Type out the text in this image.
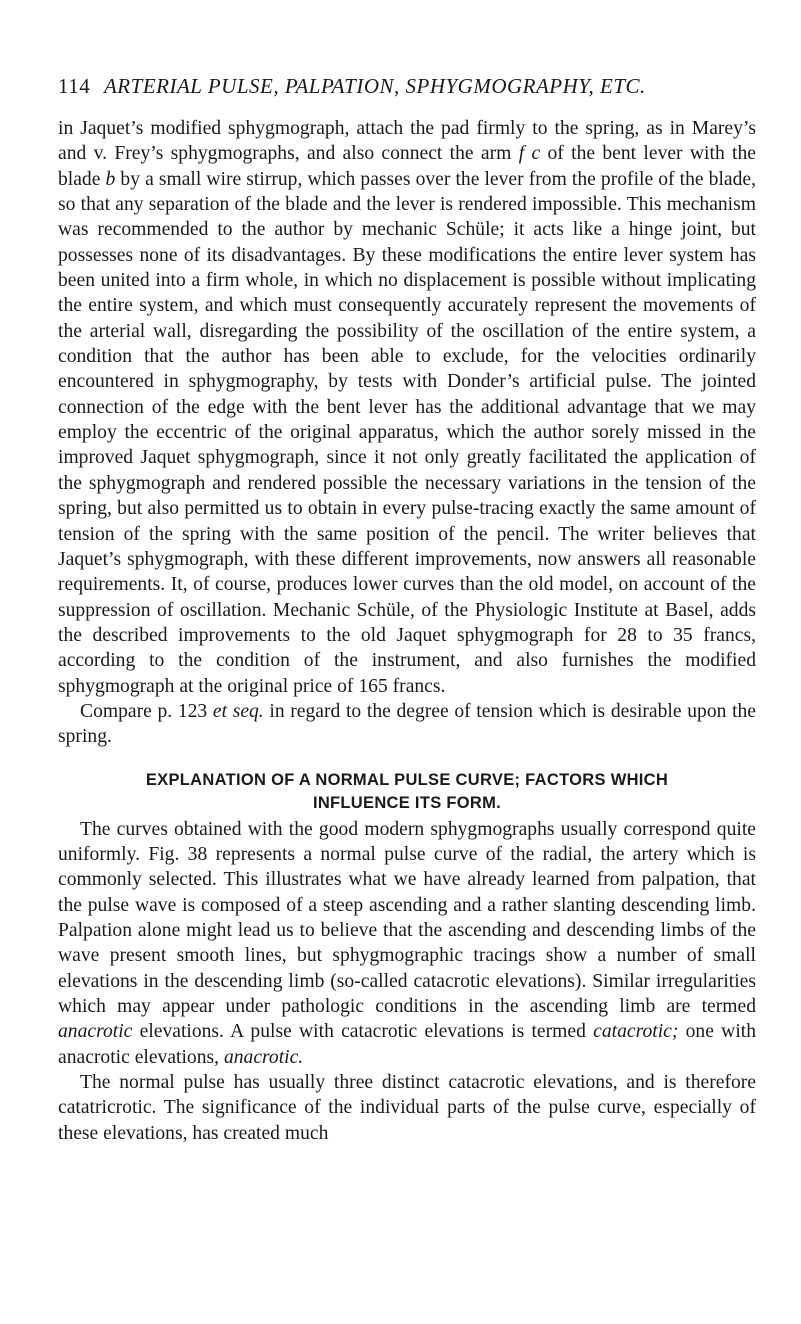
114 ARTERIAL PULSE, PALPATION, SPHYGMOGRAPHY, ETC.

in Jaquet’s modified sphygmograph, attach the pad firmly to the spring, as in Marey’s and v. Frey’s sphygmographs, and also connect the arm f c of the bent lever with the blade b by a small wire stirrup, which passes over the lever from the profile of the blade, so that any separation of the blade and the lever is rendered impossible. This mechanism was recommended to the author by mechanic Schüle; it acts like a hinge joint, but possesses none of its disadvantages. By these modifications the entire lever system has been united into a firm whole, in which no displacement is possible without implicating the entire system, and which must consequently accurately represent the movements of the arterial wall, disregarding the possibility of the oscillation of the entire system, a condition that the author has been able to exclude, for the velocities ordinarily encountered in sphygmography, by tests with Donder’s artificial pulse. The jointed connection of the edge with the bent lever has the additional advantage that we may employ the eccentric of the original apparatus, which the author sorely missed in the improved Jaquet sphygmograph, since it not only greatly facilitated the application of the sphygmograph and rendered possible the necessary variations in the tension of the spring, but also permitted us to obtain in every pulse-tracing exactly the same amount of tension of the spring with the same position of the pencil. The writer believes that Jaquet’s sphygmograph, with these different improvements, now answers all reasonable requirements. It, of course, produces lower curves than the old model, on account of the suppression of oscillation. Mechanic Schüle, of the Physiologic Institute at Basel, adds the described improvements to the old Jaquet sphygmograph for 28 to 35 francs, according to the condition of the instrument, and also furnishes the modified sphygmograph at the original price of 165 francs.

Compare p. 123 et seq. in regard to the degree of tension which is desirable upon the spring.

EXPLANATION OF A NORMAL PULSE CURVE; FACTORS WHICH
INFLUENCE ITS FORM.

The curves obtained with the good modern sphygmographs usually correspond quite uniformly. Fig. 38 represents a normal pulse curve of the radial, the artery which is commonly selected. This illustrates what we have already learned from palpation, that the pulse wave is composed of a steep ascending and a rather slanting descending limb. Palpation alone might lead us to believe that the ascending and descending limbs of the wave present smooth lines, but sphygmographic tracings show a number of small elevations in the descending limb (so-called catacrotic elevations). Similar irregularities which may appear under pathologic conditions in the ascending limb are termed anacrotic elevations. A pulse with catacrotic elevations is termed catacrotic; one with anacrotic elevations, anacrotic.

The normal pulse has usually three distinct catacrotic elevations, and is therefore catatricrotic. The significance of the individual parts of the pulse curve, especially of these elevations, has created much
